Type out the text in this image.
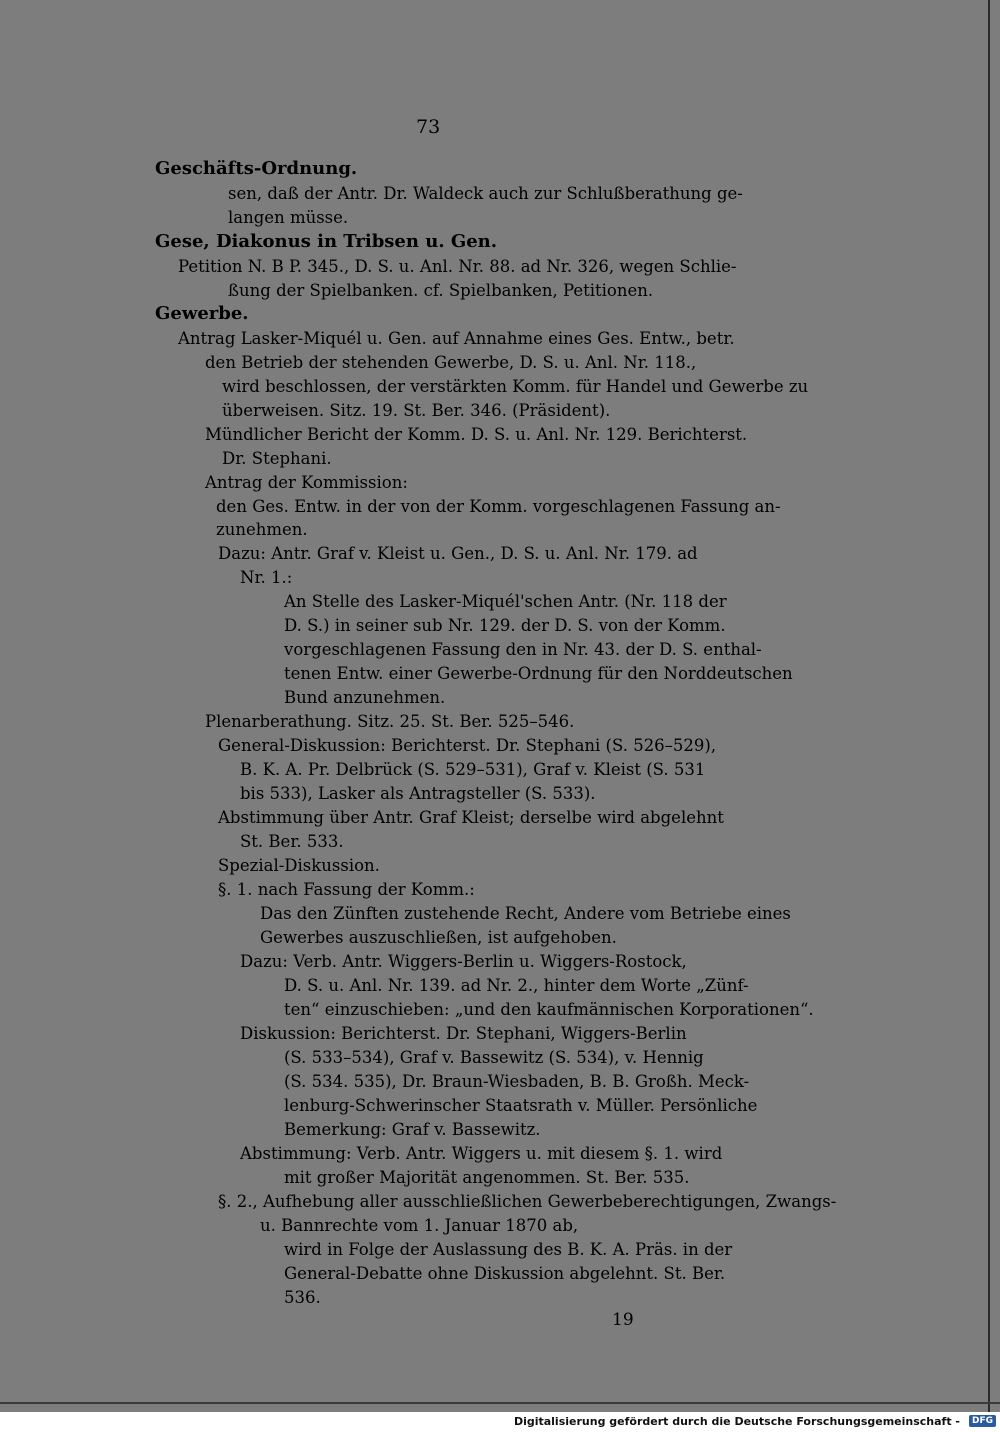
73
Geschäfts-Ordnung.
sen, daß der Antr. Dr. Waldeck auch zur Schlußberathung ge-
langen müsse.
Gese, Diakonus in Tribsen u. Gen.
Petition N. B P. 345., D. S. u. Anl. Nr. 88. ad Nr. 326, wegen Schlie-
ßung der Spielbanken. cf. Spielbanken, Petitionen.
Gewerbe.
Antrag Lasker-Miquél u. Gen. auf Annahme eines Ges. Entw., betr.
den Betrieb der stehenden Gewerbe, D. S. u. Anl. Nr. 118.,
wird beschlossen, der verstärkten Komm. für Handel und Gewerbe zu
überweisen. Sitz. 19. St. Ber. 346. (Präsident).
Mündlicher Bericht der Komm. D. S. u. Anl. Nr. 129. Berichterst.
Dr. Stephani.
Antrag der Kommission:
den Ges. Entw. in der von der Komm. vorgeschlagenen Fassung an-
zunehmen.
Dazu: Antr. Graf v. Kleist u. Gen., D. S. u. Anl. Nr. 179. ad
Nr. 1.:
An Stelle des Lasker-Miquél'schen Antr. (Nr. 118 der
D. S.) in seiner sub Nr. 129. der D. S. von der Komm.
vorgeschlagenen Fassung den in Nr. 43. der D. S. enthal-
tenen Entw. einer Gewerbe-Ordnung für den Norddeutschen
Bund anzunehmen.
Plenarberathung. Sitz. 25. St. Ber. 525–546.
General-Diskussion: Berichterst. Dr. Stephani (S. 526–529),
B. K. A. Pr. Delbrück (S. 529–531), Graf v. Kleist (S. 531
bis 533), Lasker als Antragsteller (S. 533).
Abstimmung über Antr. Graf Kleist; derselbe wird abgelehnt
St. Ber. 533.
Spezial-Diskussion.
§. 1. nach Fassung der Komm.:
Das den Zünften zustehende Recht, Andere vom Betriebe eines
Gewerbes auszuschließen, ist aufgehoben.
Dazu: Verb. Antr. Wiggers-Berlin u. Wiggers-Rostock,
D. S. u. Anl. Nr. 139. ad Nr. 2., hinter dem Worte „Zünf-
ten“ einzuschieben: „und den kaufmännischen Korporationen“.
Diskussion: Berichterst. Dr. Stephani, Wiggers-Berlin
(S. 533–534), Graf v. Bassewitz (S. 534), v. Hennig
(S. 534. 535), Dr. Braun-Wiesbaden, B. B. Großh. Meck-
lenburg-Schwerinscher Staatsrath v. Müller. Persönliche
Bemerkung: Graf v. Bassewitz.
Abstimmung: Verb. Antr. Wiggers u. mit diesem §. 1. wird
mit großer Majorität angenommen. St. Ber. 535.
§. 2., Aufhebung aller ausschließlichen Gewerbeberechtigungen, Zwangs-
u. Bannrechte vom 1. Januar 1870 ab,
wird in Folge der Auslassung des B. K. A. Präs. in der
General-Debatte ohne Diskussion abgelehnt. St. Ber.
536.
19
Digitalisierung gefördert durch die Deutsche Forschungsgemeinschaft -	DFG
